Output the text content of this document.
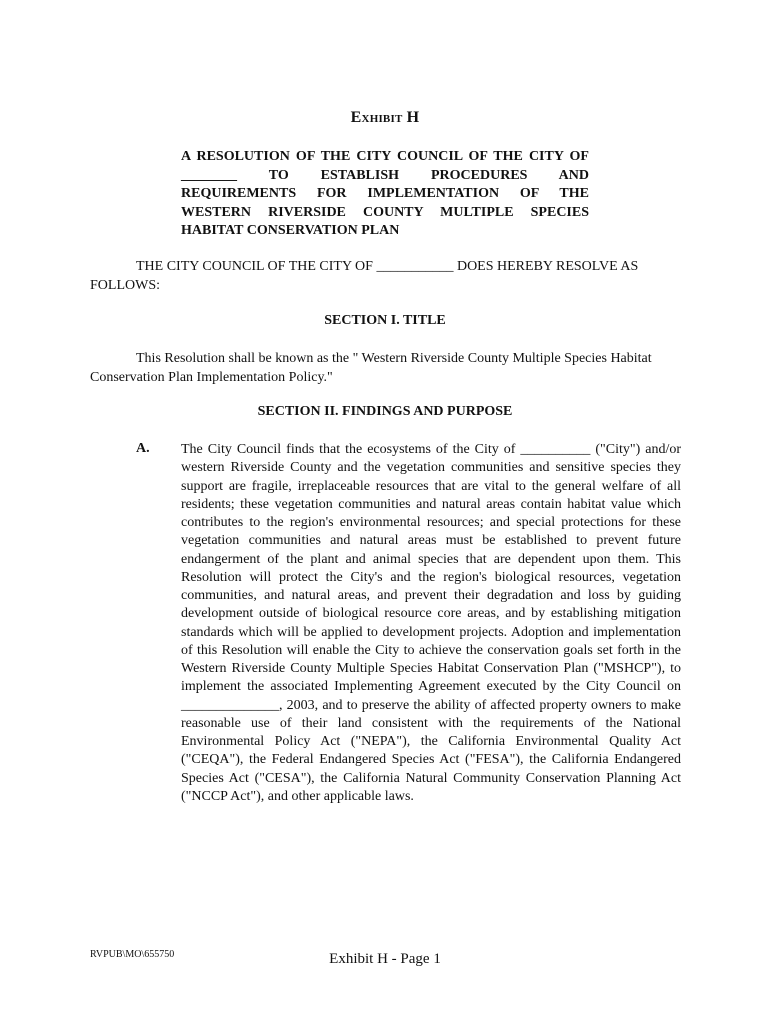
Exhibit H
A RESOLUTION OF THE CITY COUNCIL OF THE CITY OF
________ TO ESTABLISH PROCEDURES AND
REQUIREMENTS FOR IMPLEMENTATION OF THE
WESTERN RIVERSIDE COUNTY MULTIPLE SPECIES
HABITAT CONSERVATION PLAN
THE CITY COUNCIL OF THE CITY OF ___________ DOES HEREBY RESOLVE AS FOLLOWS:
SECTION I. TITLE
This Resolution shall be known as the " Western Riverside County Multiple Species Habitat Conservation Plan Implementation Policy."
SECTION II. FINDINGS AND PURPOSE
A. The City Council finds that the ecosystems of the City of __________ ("City") and/or western Riverside County and the vegetation communities and sensitive species they support are fragile, irreplaceable resources that are vital to the general welfare of all residents; these vegetation communities and natural areas contain habitat value which contributes to the region's environmental resources; and special protections for these vegetation communities and natural areas must be established to prevent future endangerment of the plant and animal species that are dependent upon them. This Resolution will protect the City's and the region's biological resources, vegetation communities, and natural areas, and prevent their degradation and loss by guiding development outside of biological resource core areas, and by establishing mitigation standards which will be applied to development projects. Adoption and implementation of this Resolution will enable the City to achieve the conservation goals set forth in the Western Riverside County Multiple Species Habitat Conservation Plan ("MSHCP"), to implement the associated Implementing Agreement executed by the City Council on ______________, 2003, and to preserve the ability of affected property owners to make reasonable use of their land consistent with the requirements of the National Environmental Policy Act ("NEPA"), the California Environmental Quality Act ("CEQA"), the Federal Endangered Species Act ("FESA"), the California Endangered Species Act ("CESA"), the California Natural Community Conservation Planning Act ("NCCP Act"), and other applicable laws.
RVPUB\MO\655750	Exhibit H - Page 1
